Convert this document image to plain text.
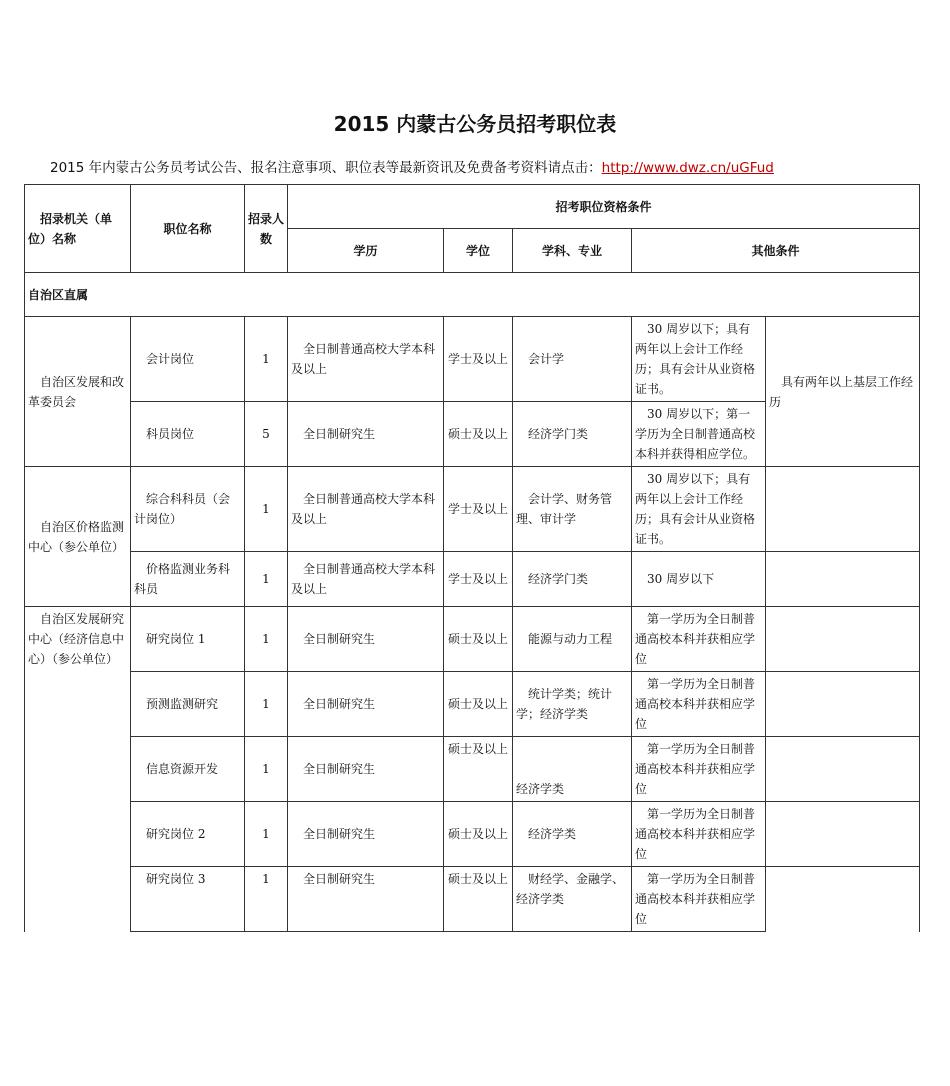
2015 内蒙古公务员招考职位表
2015 年内蒙古公务员考试公告、报名注意事项、职位表等最新资讯及免费备考资料请点击：http://www.dwz.cn/uGFud
招录机关（单位）名称	职位名称	招录人数	招考职位资格条件				
			学历	学位	学科、专业	其他条件	
自治区直属							
自治区发展和改革委员会	会计岗位	1	全日制普通高校大学本科及以上	学士及以上	会计学	30 周岁以下；具有两年以上会计工作经历；具有会计从业资格证书。	具有两年以上基层工作经历
	科员岗位	5	全日制研究生	硕士及以上	经济学门类	30 周岁以下；第一学历为全日制普通高校本科并获得相应学位。	
自治区价格监测中心（参公单位）	综合科科员（会计岗位）	1	全日制普通高校大学本科及以上	学士及以上	会计学、财务管理、审计学	30 周岁以下；具有两年以上会计工作经历；具有会计从业资格证书。	
	价格监测业务科科员	1	全日制普通高校大学本科及以上	学士及以上	经济学门类	30 周岁以下	
自治区发展研究中心（经济信息中心）（参公单位）	研究岗位 1	1	全日制研究生	硕士及以上	能源与动力工程	第一学历为全日制普通高校本科并获相应学位	
	预测监测研究	1	全日制研究生	硕士及以上	统计学类；统计学；经济学类	第一学历为全日制普通高校本科并获相应学位	
	信息资源开发	1	全日制研究生	硕士及以上	经济学类	第一学历为全日制普通高校本科并获相应学位	
	研究岗位 2	1	全日制研究生	硕士及以上	经济学类	第一学历为全日制普通高校本科并获相应学位	
	研究岗位 3	1	全日制研究生	硕士及以上	财经学、金融学、经济学类	第一学历为全日制普通高校本科并获相应学位	
